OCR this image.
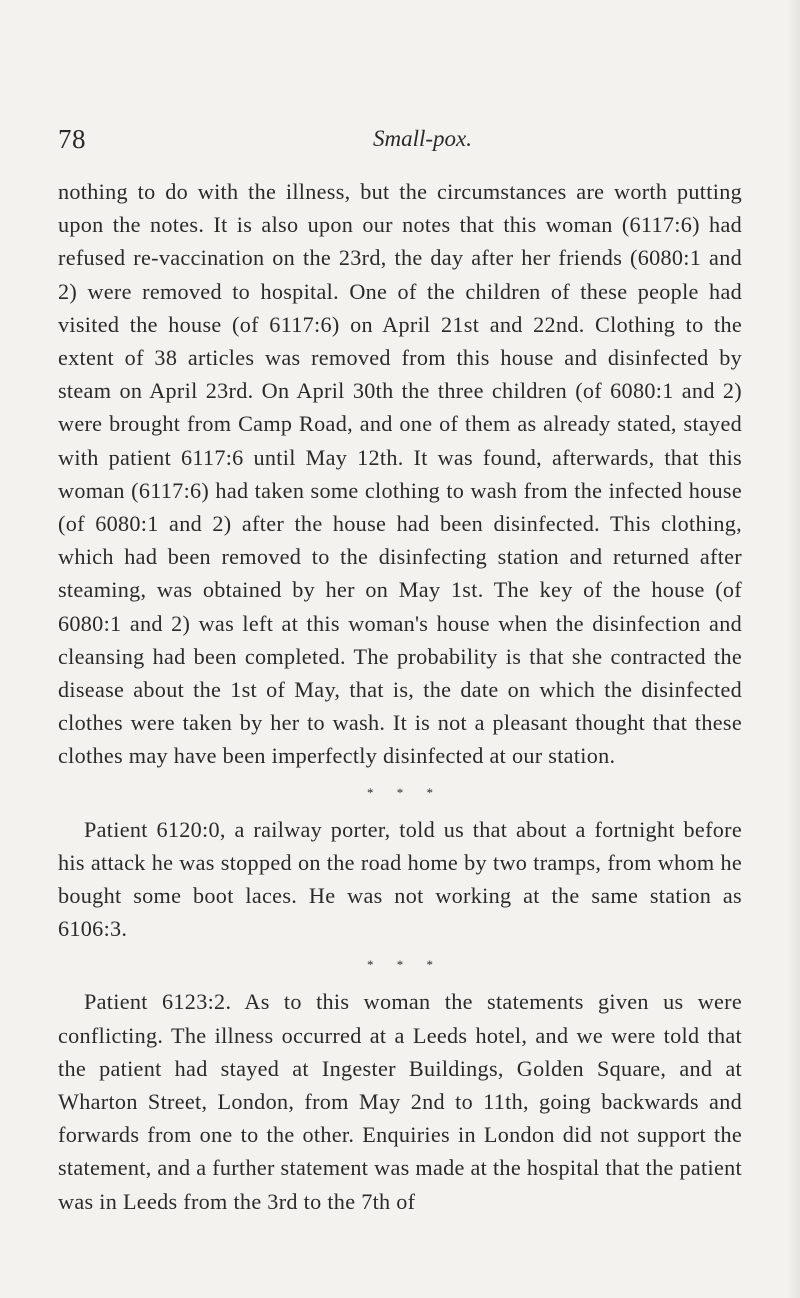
78	Small-pox.

nothing to do with the illness, but the circumstances are worth putting upon the notes. It is also upon our notes that this woman (6117:6) had refused re-vaccination on the 23rd, the day after her friends (6080:1 and 2) were removed to hospital. One of the children of these people had visited the house (of 6117:6) on April 21st and 22nd. Clothing to the extent of 38 articles was removed from this house and disinfected by steam on April 23rd. On April 30th the three children (of 6080:1 and 2) were brought from Camp Road, and one of them as already stated, stayed with patient 6117:6 until May 12th. It was found, afterwards, that this woman (6117:6) had taken some clothing to wash from the infected house (of 6080:1 and 2) after the house had been disinfected. This clothing, which had been removed to the disinfecting station and returned after steaming, was obtained by her on May 1st. The key of the house (of 6080:1 and 2) was left at this woman's house when the disinfection and cleansing had been completed. The probability is that she contracted the disease about the 1st of May, that is, the date on which the disinfected clothes were taken by her to wash. It is not a pleasant thought that these clothes may have been imperfectly disinfected at our station.

* * *

Patient 6120:0, a railway porter, told us that about a fortnight before his attack he was stopped on the road home by two tramps, from whom he bought some boot laces. He was not working at the same station as 6106:3.

* * *

Patient 6123:2. As to this woman the statements given us were conflicting. The illness occurred at a Leeds hotel, and we were told that the patient had stayed at Ingester Buildings, Golden Square, and at Wharton Street, London, from May 2nd to 11th, going backwards and forwards from one to the other. Enquiries in London did not support the statement, and a further statement was made at the hospital that the patient was in Leeds from the 3rd to the 7th of
